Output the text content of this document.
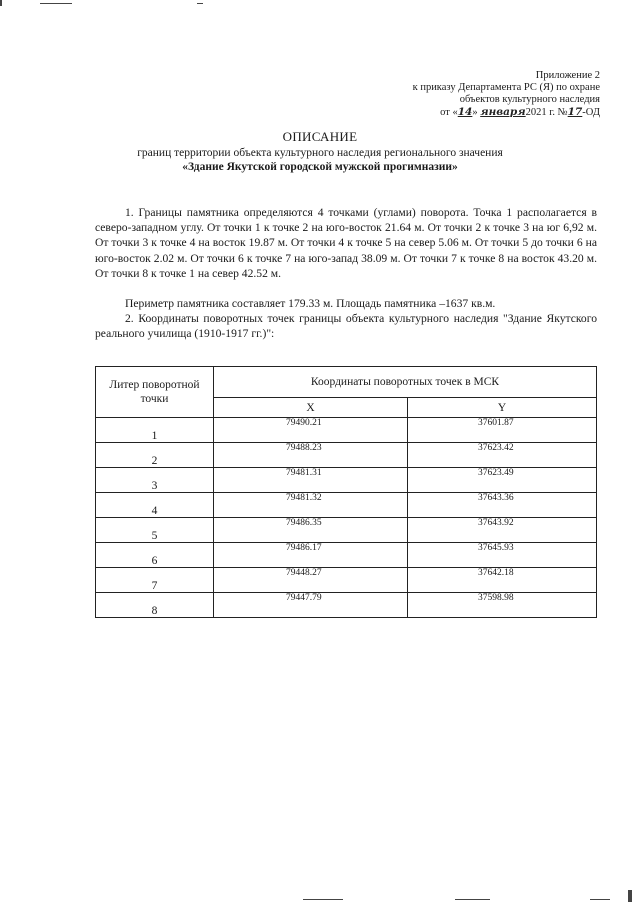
Приложение 2
к приказу Департамента РС (Я) по охране
объектов культурного наследия
от «14» января2021 г. №17-ОД
ОПИСАНИЕ
границ территории объекта культурного наследия регионального значения
«Здание Якутской городской мужской прогимназии»
1. Границы памятника определяются 4 точками (углами) поворота. Точка 1 располагается в северо-западном углу. От точки 1 к точке 2 на юго-восток 21.64 м. От точки 2 к точке 3 на юг 6,92 м. От точки 3 к точке 4 на восток 19.87 м. От точки 4 к точке 5 на север 5.06 м. От точки 5 до точки 6 на юго-восток 2.02 м. От точки 6 к точке 7 на юго-запад 38.09 м. От точки 7 к точке 8 на восток 43.20 м. От точки 8 к точке 1 на север 42.52 м.
Периметр памятника составляет 179.33 м. Площадь памятника –1637 кв.м.
2. Координаты поворотных точек границы объекта культурного наследия "Здание Якутского реального училища (1910-1917 гг.)":
Литер поворотной точки	Координаты поворотных точек в МСК	
	X	Y
1	79490.21	37601.87
2	79488.23	37623.42
3	79481.31	37623.49
4	79481.32	37643.36
5	79486.35	37643.92
6	79486.17	37645.93
7	79448.27	37642.18
8	79447.79	37598.98
